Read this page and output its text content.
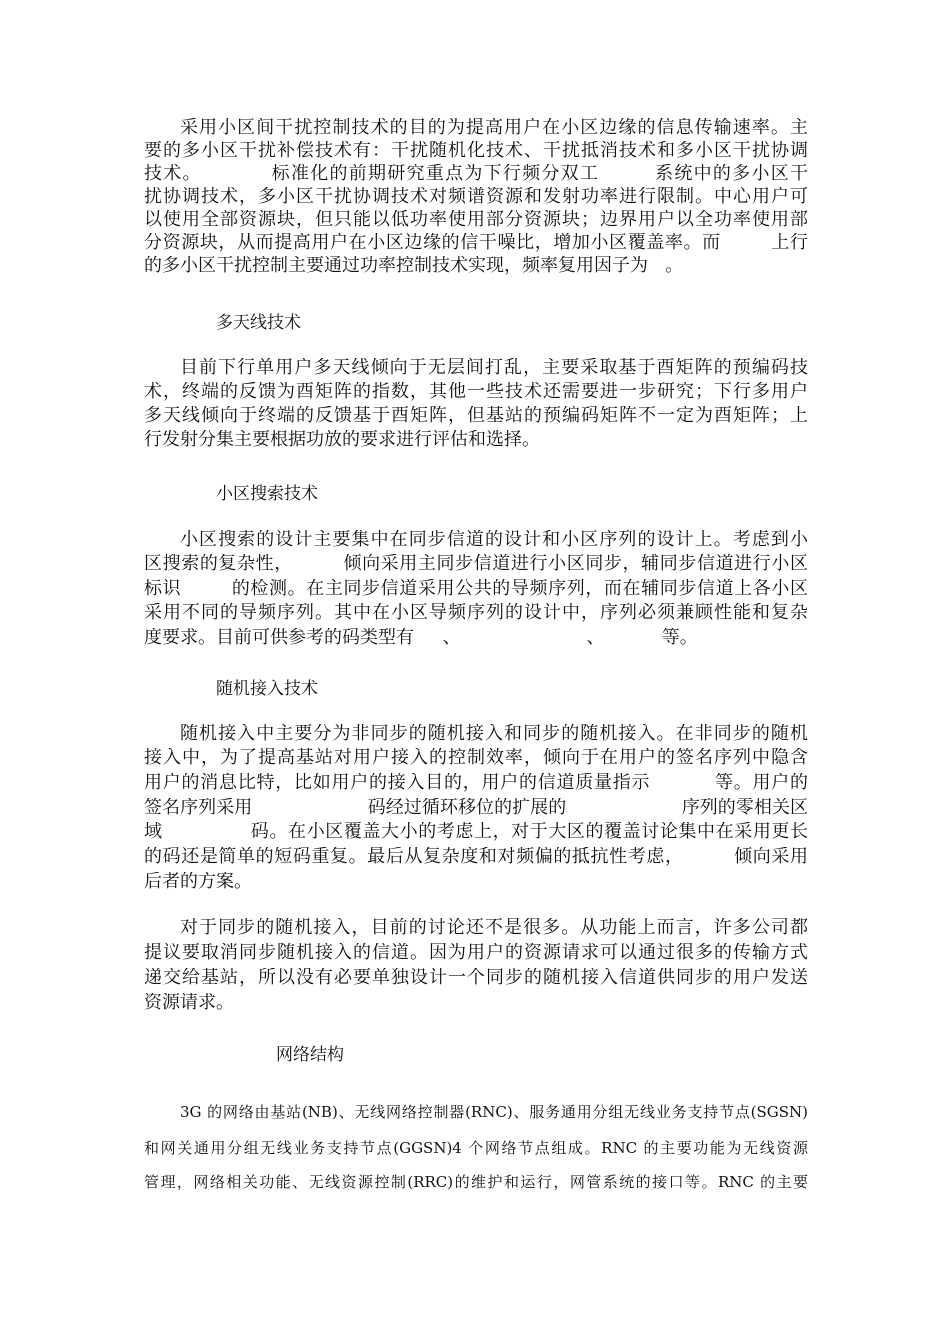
采用小区间干扰控制技术的目的为提高用户在小区边缘的信息传输速率。主
要的多小区干扰补偿技术有：干扰随机化技术、干扰抵消技术和多小区干扰协调
技术。          标准化的前期研究重点为下行频分双工        系统中的多小区干
扰协调技术，多小区干扰协调技术对频谱资源和发射功率进行限制。中心用户可
以使用全部资源块，但只能以低功率使用部分资源块；边界用户以全功率使用部
分资源块，从而提高用户在小区边缘的信干噪比，增加小区覆盖率。而        上行
的多小区干扰控制主要通过功率控制技术实现，频率复用因子为   。
多天线技术
目前下行单用户多天线倾向于无层间打乱，主要采取基于酉矩阵的预编码技
术，终端的反馈为酉矩阵的指数，其他一些技术还需要进一步研究；下行多用户
多天线倾向于终端的反馈基于酉矩阵，但基站的预编码矩阵不一定为酉矩阵；上
行发射分集主要根据功放的要求进行评估和选择。
小区搜索技术
小区搜索的设计主要集中在同步信道的设计和小区序列的设计上。考虑到小
区搜索的复杂性，        倾向采用主同步信道进行小区同步，辅同步信道进行小区
标识        的检测。在主同步信道采用公共的导频序列，而在辅同步信道上各小区
采用不同的导频序列。其中在小区导频序列的设计中，序列必须兼顾性能和复杂
度要求。目前可供参考的码类型有     、                      、          等。
随机接入技术
随机接入中主要分为非同步的随机接入和同步的随机接入。在非同步的随机
接入中，为了提高基站对用户接入的控制效率，倾向于在用户的签名序列中隐含
用户的消息比特，比如用户的接入目的，用户的信道质量指示          等。用户的
签名序列采用                    码经过循环移位的扩展的                    序列的零相关区
域              码。在小区覆盖大小的考虑上，对于大区的覆盖讨论集中在采用更长
的码还是简单的短码重复。最后从复杂度和对频偏的抵抗性考虑，        倾向采用
后者的方案。
对于同步的随机接入，目前的讨论还不是很多。从功能上而言，许多公司都
提议要取消同步随机接入的信道。因为用户的资源请求可以通过很多的传输方式
递交给基站，所以没有必要单独设计一个同步的随机接入信道供同步的用户发送
资源请求。
网络结构
3G 的网络由基站(NB)、无线网络控制器(RNC)、服务通用分组无线业务支持节点(SGSN)
和网关通用分组无线业务支持节点(GGSN)4 个网络节点组成。RNC 的主要功能为无线资源
管理，网络相关功能、无线资源控制(RRC)的维护和运行，网管系统的接口等。RNC 的主要
